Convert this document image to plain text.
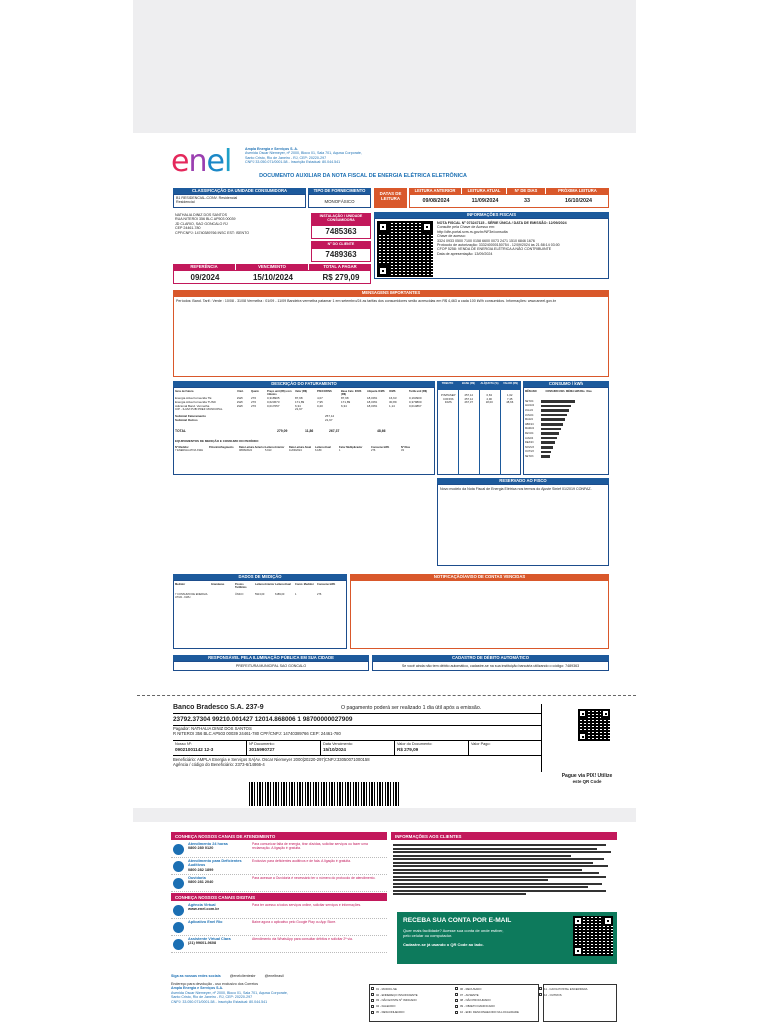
enel	Ampla Energia e Serviços S. A.
Avenida Oscar Niemeyer, nº 2000, Bloco 01, Sala 701, Aquwa Corporate,
Santo Cristo, Rio de Janeiro - RJ, CEP: 20220-297
CNPJ 33.050.071/0001-58 - Inscrição Estadual: 80.044.541
DOCUMENTO AUXILIAR DA NOTA FISCAL DE ENERGIA ELÉTRICA ELETRÔNICA
CLASSIFICAÇÃO DA UNIDADE CONSUMIDORA
B1 RESIDENCIAL-CONV. Residencial
Residencial
TIPO DE FORNECIMENTO
MONOFÁSICO
DATAS DE LEITURA
LEITURA ANTERIOR	LEITURA ATUAL	Nº DE DIAS	PRÓXIMA LEITURA
09/08/2024	11/09/2024	33	16/10/2024
NATHALIA DINIZ DOS SANTOS
RUA NITEROI 356 BLC AP503 00039
JD CLARIO, SAO GONCALO RJ
CEP 24461-780
CPF/CNPJ: 14740389766 INSC EST: ISENTO
INSTALAÇÃO / UNIDADE CONSUMIDORA
7485363
Nº DO CLIENTE
7489363
INFORMAÇÕES FISCAIS
NOTA FISCAL Nº 073247115 - SÉRIE ÚNICA / DATA DE EMISSÃO: 12/09/2024
Consulte pela Chave de Acesso em:
http://dfe-portal.svrs.rs.gov.br/NF3e/consulta
Chave de acesso:
3324 0933 0500 7100 0158 6600 0073 2471 1510 6846 1676
Protocolo de autorização: 333240000150754 - 12/09/2024 às 21:58:14 03:00
CFOP 5258: VENDA DE ENERGIA ELÉTRICA A NÃO CONTRIBUINTE
Data de apresentação: 13/09/2024
REFERÊNCIA	VENCIMENTO	TOTAL A PAGAR
09/2024	15/10/2024	R$ 279,09
MENSAGENS IMPORTANTES
Períodos: Band. Tarif.: Verde : 10/08 - 31/08 Vermelha : 01/09 - 11/09 Bandeira vermelha patamar 1 em setembro/24 as tarifas dos consumidores serão acrescidas em R$ 4,463 a cada 100 kWh consumidos. Informações: www.aneel.gov.br
DESCRIÇÃO DO FATURAMENTO
Itens de Fatura	Unid.	Quant.	Preço unit (R$) com tributos
Valor (R$)	PIS/COFINS	Base Calc. ICMS (R$)
Alíquota ICMS	ICMS	Tarifa unit (R$)
Energia Ativa Fornecida TE	kWh	276	0,318905	87,98	4,07	87,98	18,00%	16,63	0,193900
Energia Ativa Fornecida TUSD	kWh	276	0,623673	171,89	7,95	171,89	18,00%	30,89	0,379800
Adicional Band. Vermelha	kWh	276	0,017057	6,34	0,20	6,34	18,00%	1,14	0,014867
CIP - ILUM PUB PREF MUNICIPAL	21,97
Subtotal Faturamento	257,12
Subtotal Outros	21,97
TOTAL	279,09	11,86	267,37	48,66
EQUIPAMENTOS DE MEDIÇÃO E CONSUMO DO PERÍODO
Nº Medidor	P.Horário/Segmento	Data Leitura Anterior Leitura Anterior	Data Leitura Atual	Leitura Atual	Fator Multiplicador	Consumo kWh	Nº Dias
7 ENERGIA ATIVA KWH	08/08/2024	5.913	11/09/2024	6.189	1	276	33
TRIBUTO	BASE (R$)	ALÍQUOTA (%)	VALOR (R$)
PIS/PASEP	257,12	0,63	1,62
COFINS	257,12	2,90	7,45
ICMS	267,37	18,00	48,66
CONSUMO / kWh
MÊS/ANO	CONSUMO kWh MÉDIA kWh/Dia Dias
SET/24
AGO/24
JUL/24
JUN/24
MAI/24
ABR/24
MAR/24
FEV/24
JAN/24
DEZ/23
NOV/23
OUT/23
SET/23
RESERVADO AO FISCO
Novo modelo da Nota Fiscal de Energia Elétrica nos termos do Ajuste Sinief 01/2019 CONFAZ.
DADOS DE MEDIÇÃO
Medidor	Grandezas	Postos Tarifários
Leitura Anterior Leitura Atual	Const. Medidor	Consumo kWh
7 CONSUMO DE ENERGIA ATIVA - KWH
ÚNICO	5913,00	6189,00	1	276
NOTIFICAÇÃO/AVISO DE CONTAS VENCIDAS
RESPONSÁVEL PELA ILUMINAÇÃO PÚBLICA EM SUA CIDADE
PREFEITURA MUNICIPAL SAO GONCALO
CADASTRO DE DÉBITO AUTOMÁTICO
Se você ainda não tem débito automático, cadastre-se na sua instituição bancária utilizando o código: 7489363
Banco Bradesco S.A. 237-9	O pagamento poderá ser realizado 1 dia útil após a emissão.
23792.37304 99210.001427 12014.868006 1 98700000027909
Pagador: NATHALIA DINIZ DOS SANTOS
R NITEROI 356 BLC AP503 00039 24461-780 CPF/CNPJ: 14740389766 CEP: 24461-780
Nosso Nº:
09021001142 12-3
Nº Documento:
3015990727
Data Vencimento:
15/10/2024
Valor do Documento:
R$ 279,09
Valor Pago:
Beneficiário: AMPLA Energia e Serviços SA|Av. Oscar Niemeyer 2000|20220-297|CNPJ:33050071000158
Agência / código do Beneficiário: 2373-6/14866-4
Pague via PIX! Utilize
este QR Code
CONHEÇA NOSSOS CANAIS DE ATENDIMENTO
Atendimento 24 horas
0800 280 0120
Para comunicar falta de energia, tirar dúvidas, solicitar serviços ou fazer uma reclamação. A ligação é gratuita.
Atendimento para Deficientes Auditivos
0800 282 1899
Exclusivo para deficientes auditivos e de fala. A ligação é gratuita.
Ouvidoria
0800 281 2040
Para acessar a Ouvidoria é necessário ter o número do protocolo de atendimento.
CONHEÇA NOSSOS CANAIS DIGITAIS
Agência Virtual
www.enel.com.br
Para ter acesso a todos serviços online, solicitar serviços e informações.
Aplicativo Enel Rio	Baixe agora o aplicativo pelo Google Play ou App Store.
Assistente Virtual Clara
(21) 99601-9608
Atendimento via WhatsApp para consultar débitos e solicitar 2ª via.
Siga as nossas redes sociais	@enelclientesbr	@enelbrasil
Endereço para devolução - uso exclusivo dos Correios
Ampla Energia e Serviços S.A.
Avenida Oscar Niemeyer, nº 2000, Bloco 01, Sala 701, Aquwa Corporate,
Santo Cristo, Rio de Janeiro - RJ, CEP: 20220-297
CNPJ: 33.050.071/0001-58 - Inscrição Estadual: 80.044.541
INFORMAÇÕES AOS CLIENTES
RECEBA SUA CONTA POR E-MAIL
Quer mais facilidade? Acesse sua conta de onde estiver,
pelo celular ou computador.
Cadastre-se já usando o QR Code ao lado.
01 - MUDOU-SE
02 - ENDEREÇO INSUFICIENTE
03 - NÃO EXISTE Nº INDICADO
04 - FALECIDO
05 - DESCONHECIDO
06 - RECUSADO
07 - AUSENTE
08 - NÃO PROCURADO
09 - OBJETO DANIFICADO
10 - END. DESCONHECIDO NA LOCALIDADE
11 - CAIXA POSTAL ENCERRADA
12 - OUTROS
